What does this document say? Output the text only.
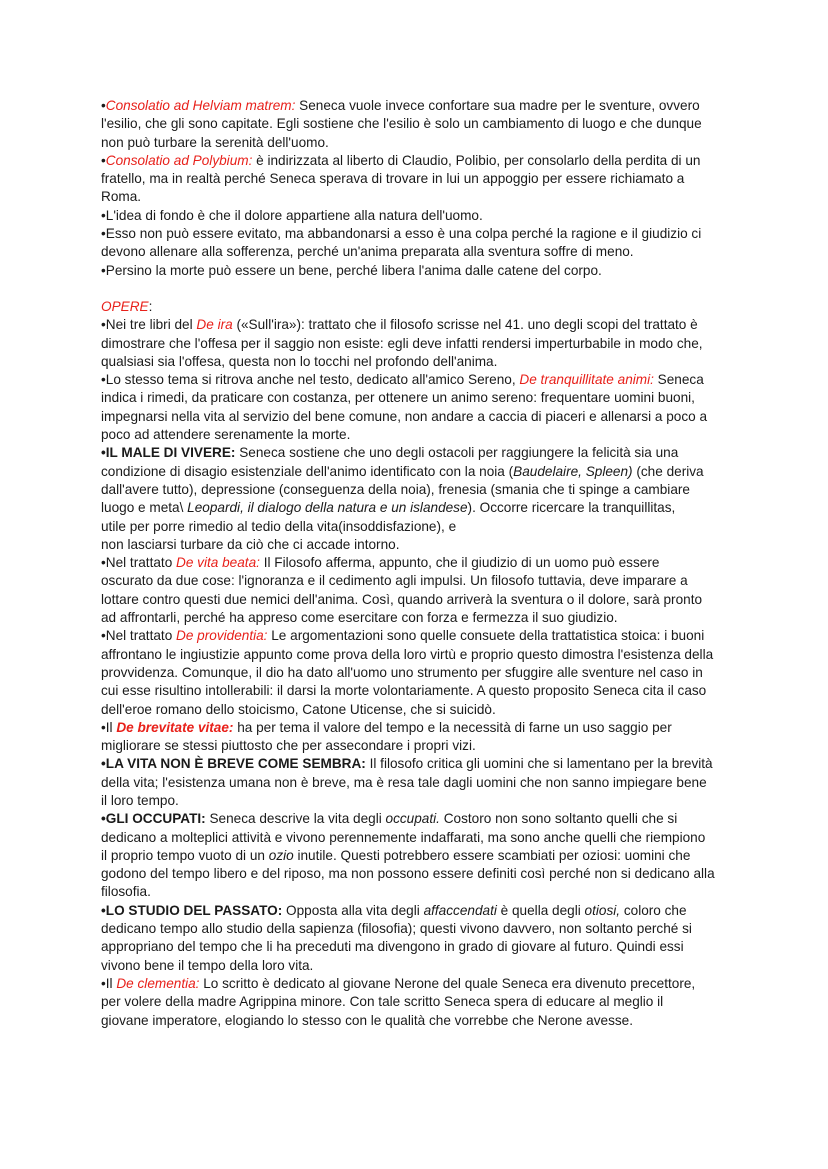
•Consolatio ad Helviam matrem: Seneca vuole invece confortare sua madre per le sventure, ovvero
l'esilio, che gli sono capitate. Egli sostiene che l'esilio è solo un cambiamento di luogo e che dunque
non può turbare la serenità dell'uomo.
•Consolatio ad Polybium: è indirizzata al liberto di Claudio, Polibio, per consolarlo della perdita di un
fratello, ma in realtà perché Seneca sperava di trovare in lui un appoggio per essere richiamato a
Roma.
•L'idea di fondo è che il dolore appartiene alla natura dell'uomo.
•Esso non può essere evitato, ma abbandonarsi a esso è una colpa perché la ragione e il giudizio ci
devono allenare alla sofferenza, perché un'anima preparata alla sventura soffre di meno.
•Persino la morte può essere un bene, perché libera l'anima dalle catene del corpo.
OPERE:
•Nei tre libri del De ira («Sull'ira»): trattato che il filosofo scrisse nel 41. uno degli scopi del trattato è
dimostrare che l'offesa per il saggio non esiste: egli deve infatti rendersi imperturbabile in modo che,
qualsiasi sia l'offesa, questa non lo tocchi nel profondo dell'anima.
•Lo stesso tema si ritrova anche nel testo, dedicato all'amico Sereno, De tranquillitate animi: Seneca
indica i rimedi, da praticare con costanza, per ottenere un animo sereno: frequentare uomini buoni,
impegnarsi nella vita al servizio del bene comune, non andare a caccia di piaceri e allenarsi a poco a
poco ad attendere serenamente la morte.
•IL MALE DI VIVERE: Seneca sostiene che uno degli ostacoli per raggiungere la felicità sia una
condizione di disagio esistenziale dell'animo identificato con la noia (Baudelaire, Spleen) (che deriva
dall'avere tutto), depressione (conseguenza della noia), frenesia (smania che ti spinge a cambiare
luogo e meta\ Leopardi, il dialogo della natura e un islandese). Occorre ricercare la tranquillitas,
utile per porre rimedio al tedio della vita(insoddisfazione), e
non lasciarsi turbare da ciò che ci accade intorno.
•Nel trattato De vita beata: Il Filosofo afferma, appunto, che il giudizio di un uomo può essere
oscurato da due cose: l'ignoranza e il cedimento agli impulsi. Un filosofo tuttavia, deve imparare a
lottare contro questi due nemici dell'anima. Così, quando arriverà la sventura o il dolore, sarà pronto
ad affrontarli, perché ha appreso come esercitare con forza e fermezza il suo giudizio.
•Nel trattato De providentia: Le argomentazioni sono quelle consuete della trattatistica stoica: i buoni
affrontano le ingiustizie appunto come prova della loro virtù e proprio questo dimostra l'esistenza della
provvidenza. Comunque, il dio ha dato all'uomo uno strumento per sfuggire alle sventure nel caso in
cui esse risultino intollerabili: il darsi la morte volontariamente. A questo proposito Seneca cita il caso
dell'eroe romano dello stoicismo, Catone Uticense, che si suicidò.
•Il De brevitate vitae: ha per tema il valore del tempo e la necessità di farne un uso saggio per
migliorare se stessi piuttosto che per assecondare i propri vizi.
•LA VITA NON È BREVE COME SEMBRA: Il filosofo critica gli uomini che si lamentano per la brevità
della vita; l'esistenza umana non è breve, ma è resa tale dagli uomini che non sanno impiegare bene
il loro tempo.
•GLI OCCUPATI: Seneca descrive la vita degli occupati. Costoro non sono soltanto quelli che si
dedicano a molteplici attività e vivono perennemente indaffarati, ma sono anche quelli che riempiono
il proprio tempo vuoto di un ozio inutile. Questi potrebbero essere scambiati per oziosi: uomini che
godono del tempo libero e del riposo, ma non possono essere definiti così perché non si dedicano alla
filosofia.
•LO STUDIO DEL PASSATO: Opposta alla vita degli affaccendati è quella degli otiosi, coloro che
dedicano tempo allo studio della sapienza (filosofia); questi vivono davvero, non soltanto perché si
appropriano del tempo che li ha preceduti ma divengono in grado di giovare al futuro. Quindi essi
vivono bene il tempo della loro vita.
•Il De clementia: Lo scritto è dedicato al giovane Nerone del quale Seneca era divenuto precettore,
per volere della madre Agrippina minore. Con tale scritto Seneca spera di educare al meglio il
giovane imperatore, elogiando lo stesso con le qualità che vorrebbe che Nerone avesse.
